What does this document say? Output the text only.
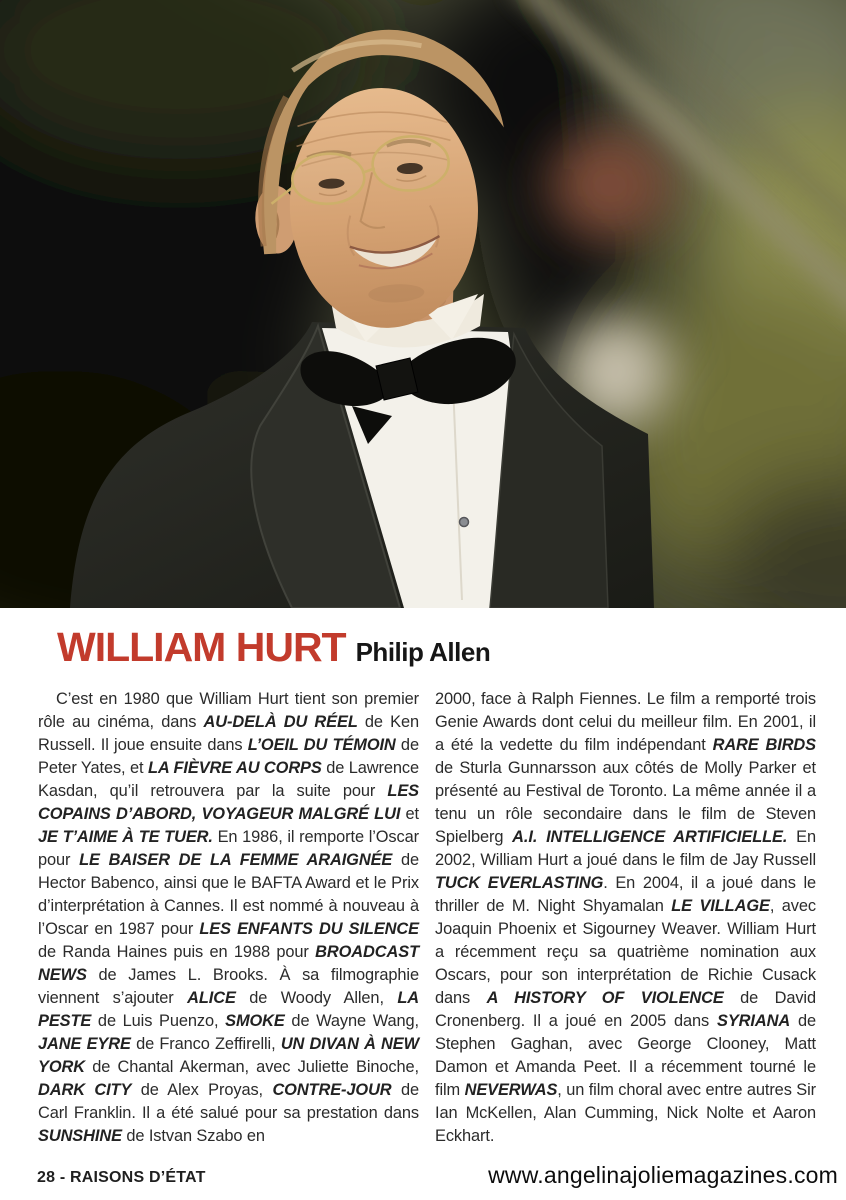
WILLIAM HURT Philip Allen
C’est en 1980 que William Hurt tient son premier rôle au cinéma, dans AU-DELÀ DU RÉEL de Ken Russell. Il joue ensuite dans L’OEIL DU TÉMOIN de Peter Yates, et LA FIÈVRE AU CORPS de Lawrence Kasdan, qu’il retrouvera par la suite pour LES COPAINS D’ABORD, VOYAGEUR MALGRÉ LUI et JE T’AIME À TE TUER. En 1986, il remporte l’Oscar pour LE BAISER DE LA FEMME ARAIGNÉE de Hector Babenco, ainsi que le BAFTA Award et le Prix d’interprétation à Cannes. Il est nommé à nouveau à l’Oscar en 1987 pour LES ENFANTS DU SILENCE de Randa Haines puis en 1988 pour BROADCAST NEWS de James L. Brooks. À sa filmographie viennent s’ajouter ALICE de Woody Allen, LA PESTE de Luis Puenzo, SMOKE de Wayne Wang, JANE EYRE de Franco Zeffirelli, UN DIVAN À NEW YORK de Chantal Akerman, avec Juliette Binoche, DARK CITY de Alex Proyas, CONTRE-JOUR de Carl Franklin. Il a été salué pour sa prestation dans SUNSHINE de Istvan Szabo en
2000, face à Ralph Fiennes. Le film a remporté trois Genie Awards dont celui du meilleur film. En 2001, il a été la vedette du film indépendant RARE BIRDS de Sturla Gunnarsson aux côtés de Molly Parker et présenté au Festival de Toronto. La même année il a tenu un rôle secondaire dans le film de Steven Spielberg A.I. INTELLIGENCE ARTIFICIELLE. En 2002, William Hurt a joué dans le film de Jay Russell TUCK EVERLASTING. En 2004, il a joué dans le thriller de M. Night Shyamalan LE VILLAGE, avec Joaquin Phoenix et Sigourney Weaver. William Hurt a récemment reçu sa quatrième nomination aux Oscars, pour son interprétation de Richie Cusack dans A HISTORY OF VIOLENCE de David Cronenberg. Il a joué en 2005 dans SYRIANA de Stephen Gaghan, avec George Clooney, Matt Damon et Amanda Peet. Il a récemment tourné le film NEVERWAS, un film choral avec entre autres Sir Ian McKellen, Alan Cumming, Nick Nolte et Aaron Eckhart.
28 - RAISONS D’ÉTAT	www.angelinajoliemagazines.com
